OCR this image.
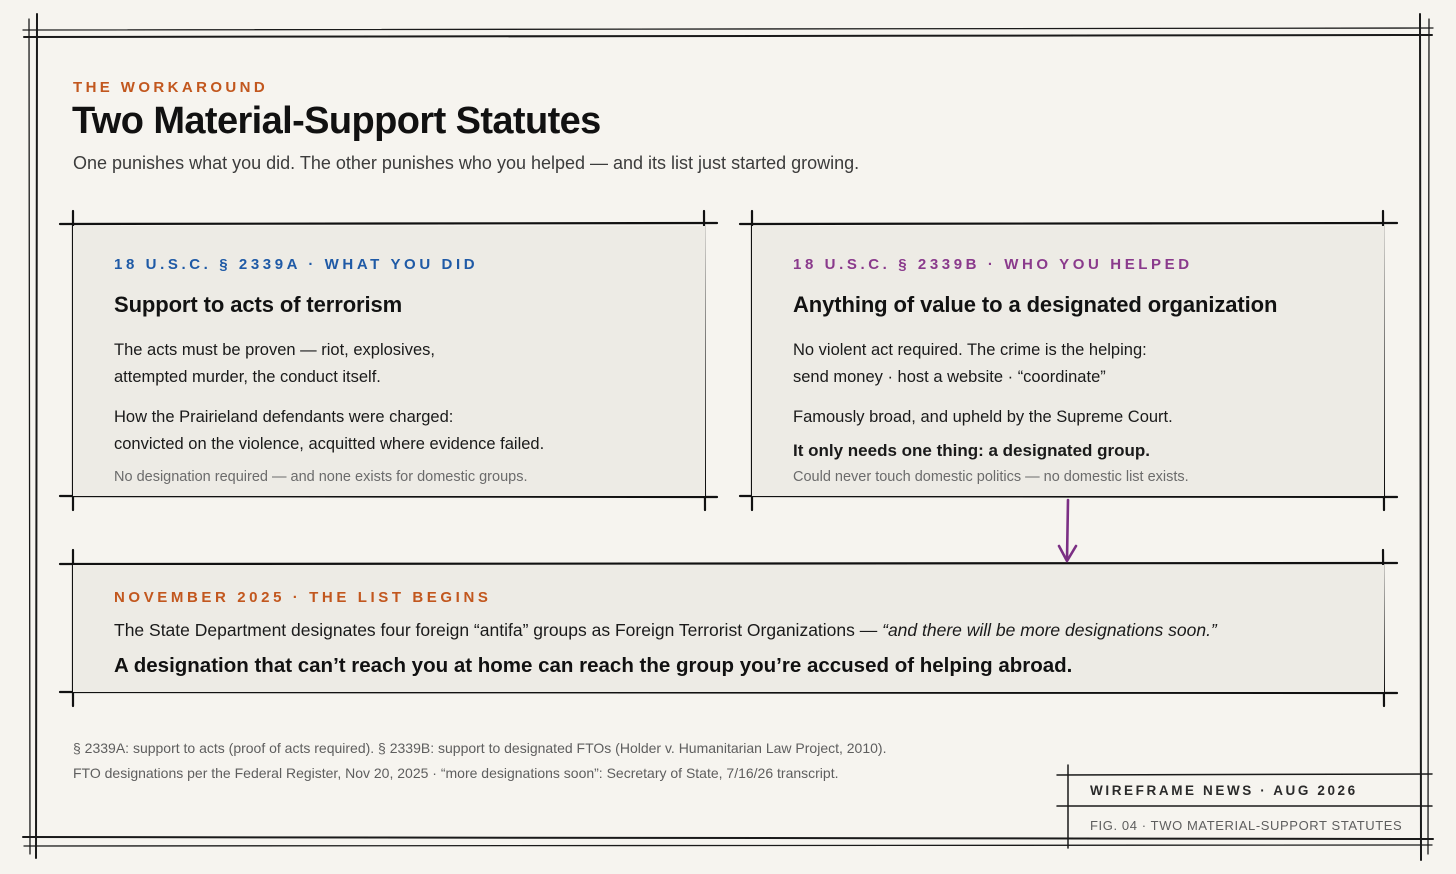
THE WORKAROUND
Two Material-Support Statutes
One punishes what you did. The other punishes who you helped — and its list just started growing.
18 U.S.C. § 2339A · WHAT YOU DID
Support to acts of terrorism
The acts must be proven — riot, explosives,
attempted murder, the conduct itself.
How the Prairieland defendants were charged:
convicted on the violence, acquitted where evidence failed.
No designation required — and none exists for domestic groups.
18 U.S.C. § 2339B · WHO YOU HELPED
Anything of value to a designated organization
No violent act required. The crime is the helping:
send money · host a website · “coordinate”
Famously broad, and upheld by the Supreme Court.
It only needs one thing: a designated group.
Could never touch domestic politics — no domestic list exists.
NOVEMBER 2025 · THE LIST BEGINS
The State Department designates four foreign “antifa” groups as Foreign Terrorist Organizations — “and there will be more designations soon.”
A designation that can’t reach you at home can reach the group you’re accused of helping abroad.
§ 2339A: support to acts (proof of acts required). § 2339B: support to designated FTOs (Holder v. Humanitarian Law Project, 2010).
FTO designations per the Federal Register, Nov 20, 2025 · “more designations soon”: Secretary of State, 7/16/26 transcript.
WIREFRAME NEWS · AUG 2026
FIG. 04 · TWO MATERIAL-SUPPORT STATUTES
